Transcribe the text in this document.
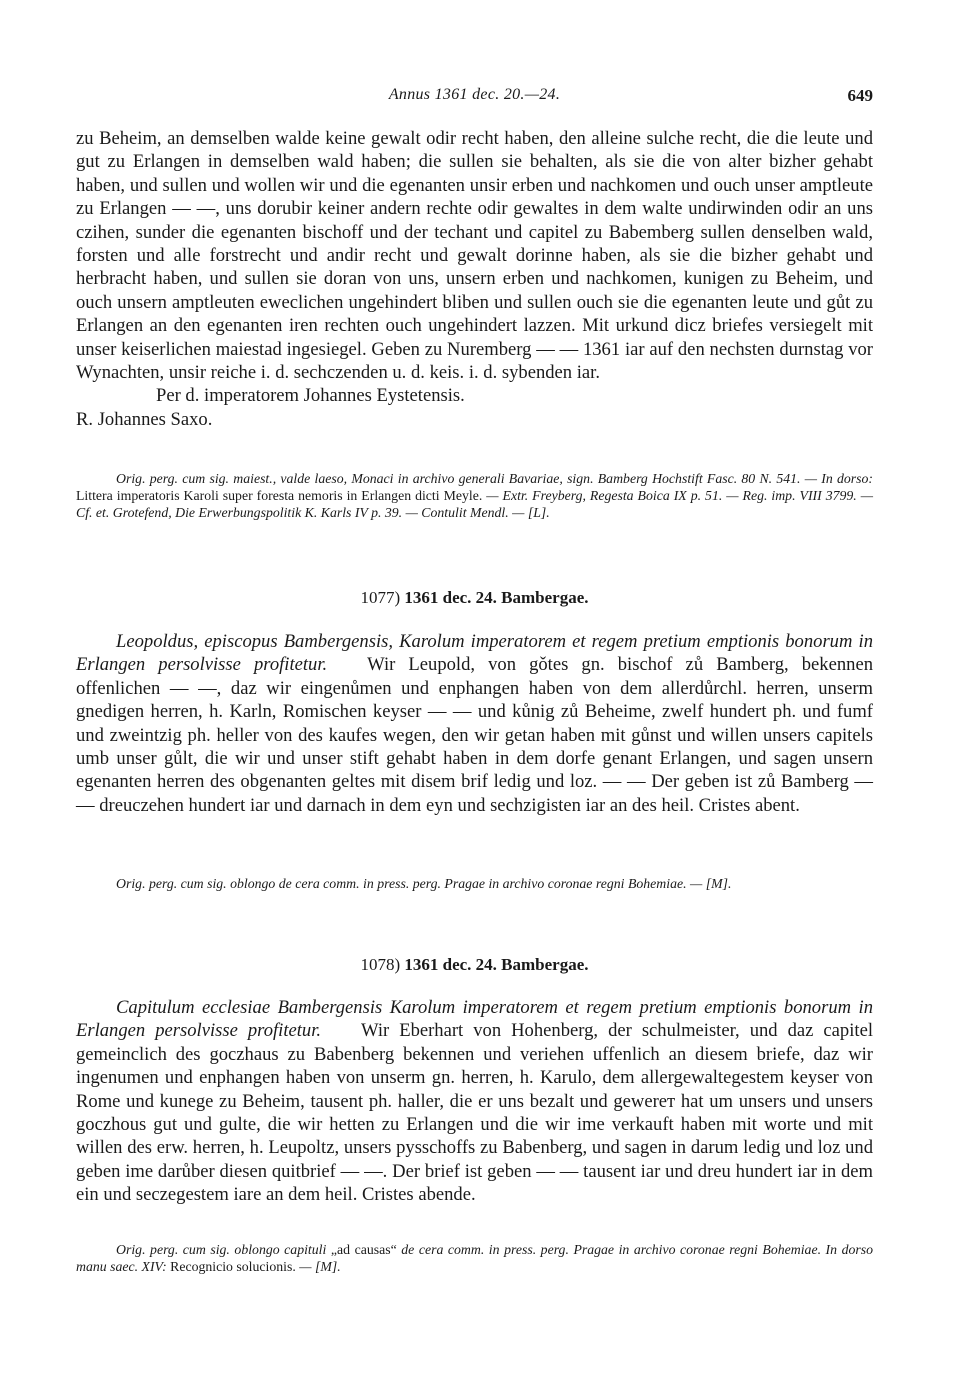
Annus 1361 dec. 20.—24.	649

zu Beheim, an demselben walde keine gewalt odir recht haben, den alleine sulche recht, die die leute und gut zu Erlangen in demselben wald haben; die sullen sie behalten, als sie die von alter bizher gehabt haben, und sullen und wollen wir und die egenanten unsir erben und nachkomen und ouch unser amptleute zu Erlangen — —, uns dorubir keiner andern rechte odir gewaltes in dem walte undirwinden odir an uns czihen, sunder die egenanten bischoff und der techant und capitel zu Babemberg sullen denselben wald, forsten und alle forstrecht und andir recht und gewalt dorinne haben, als sie die bizher gehabt und herbracht haben, und sullen sie doran von uns, unsern erben und nachkomen, kunigen zu Beheim, und ouch unsern amptleuten eweclichen ungehindert bliben und sullen ouch sie die egenanten leute und gůt zu Erlangen an den egenanten iren rechten ouch ungehindert lazzen. Mit urkund dicz briefes versiegelt mit unser keiserlichen maiestad ingesiegel. Geben zu Nuremberg — — 1361 iar auf den nechsten durnstag vor Wynachten, unsir reiche i. d. sechczenden u. d. keis. i. d. sybenden iar.

Per d. imperatorem Johannes Eystetensis.

R. Johannes Saxo.

Orig. perg. cum sig. maiest., valde laeso, Monaci in archivo generali Bavariae, sign. Bamberg Hochstift Fasc. 80 N. 541. — In dorso: Littera imperatoris Karoli super foresta nemoris in Erlangen dicti Meyle. — Extr. Freyberg, Regesta Boica IX p. 51. — Reg. imp. VIII 3799. — Cf. et. Grotefend, Die Erwerbungspolitik K. Karls IV p. 39. — Contulit Mendl. — [L].

1077) 1361 dec. 24. Bambergae.

Leopoldus, episcopus Bambergensis, Karolum imperatorem et regem pretium emptionis bonorum in Erlangen persolvisse profitetur. Wir Leupold, von gǒtes gn. bischof zů Bamberg, bekennen offenlichen — —, daz wir eingenůmen und enphangen haben von dem allerdůrchl. herren, unserm gnedigen herren, h. Karln, Romischen keyser — — und kůnig zů Beheime, zwelf hundert ph. und fumf und zweintzig ph. heller von des kaufes wegen, den wir getan haben mit gůnst und willen unsers capitels umb unser gůlt, die wir und unser stift gehabt haben in dem dorfe genant Erlangen, und sagen unsern egenanten herren des obgenanten geltes mit disem brif ledig und loz. — — Der geben ist zů Bamberg — — dreuczehen hundert iar und darnach in dem eyn und sechzigisten iar an des heil. Cristes abent.

Orig. perg. cum sig. oblongo de cera comm. in press. perg. Pragae in archivo coronae regni Bohemiae. — [M].

1078) 1361 dec. 24. Bambergae.

Capitulum ecclesiae Bambergensis Karolum imperatorem et regem pretium emptionis bonorum in Erlangen persolvisse profitetur. Wir Eberhart von Hohenberg, der schulmeister, und daz capitel gemeinclich des goczhaus zu Babenberg bekennen und veriehen uffenlich an diesem briefe, daz wir ingenumen und enphangen haben von unserm gn. herren, h. Karulo, dem allergewaltegestem keyser von Rome und kunege zu Beheim, tausent ph. haller, die er uns bezalt und gewerет hat um unsers und unsers goczhous gut und gulte, die wir hetten zu Erlangen und die wir ime verkauft haben mit worte und mit willen des erw. herren, h. Leupoltz, unsers pysschoffs zu Babenberg, und sagen in darum ledig und loz und geben ime darůber diesen quitbrief — —. Der brief ist geben — — tausent iar und dreu hundert iar in dem ein und seczegestem iare an dem heil. Cristes abende.

Orig. perg. cum sig. oblongo capituli „ad causas“ de cera comm. in press. perg. Pragae in archivo coronae regni Bohemiae. In dorso manu saec. XIV: Recognicio solucionis. — [M].
